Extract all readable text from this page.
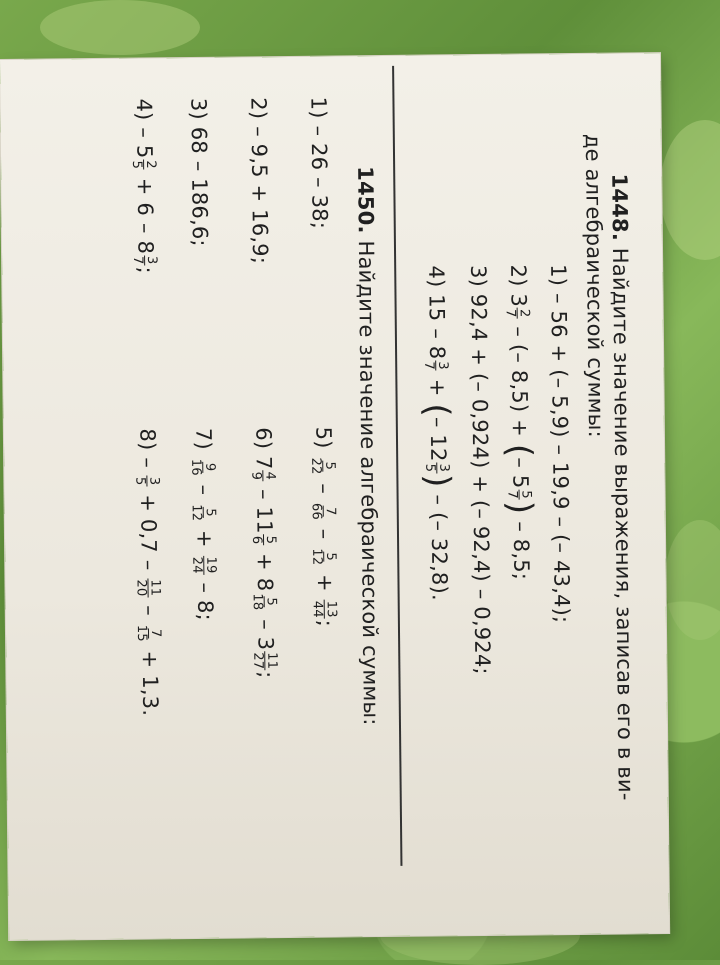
1448. Найдите значение выражения, записав его в ви-
де алгебраической суммы:
1) – 56 + (– 5,9) – 19,9 – (– 43,4);
2) 3
2
7
– (– 8,5) + (– 5
5
7
) – 8,5;
3) 92,4 + (– 0,924) + (– 92,4) – 0,924;
4) 15 – 8
3
7
+ (– 12
3
5
) – (– 32,8).
1450. Найдите значение алгебраической суммы:
1) – 26 – 38;
2) – 9,5 + 16,9;
3) 68 – 186,6;
4) – 5
2
5
+ 6 – 8
3
7
;
5)
5
22
–
7
66
–
5
12
+
13
44
;
6) 7
4
9
– 11
5
6
+ 8
5
18
– 3
11
27
;
7)
9
16
–
5
12
+
19
24
– 8;
8) –
3
5
+ 0,7 –
11
20
–
7
15
+ 1,3.
